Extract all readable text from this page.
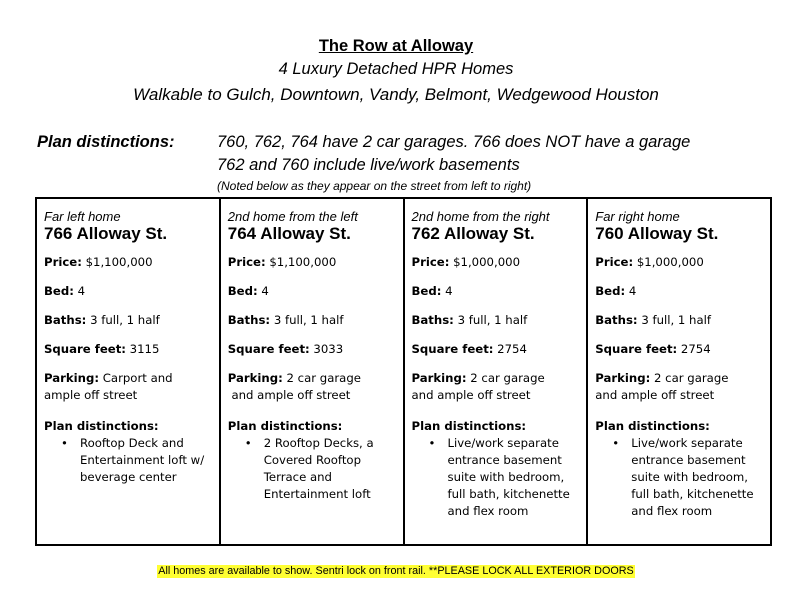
The Row at Alloway
4 Luxury Detached HPR Homes
Walkable to Gulch, Downtown, Vandy, Belmont, Wedgewood Houston
Plan distinctions:	760, 762, 764 have 2 car garages. 766 does NOT have a garage
762 and 760 include live/work basements
(Noted below as they appear on the street from left to right)
Far left home
766 Alloway St.
Price: $1,100,000
Bed: 4
Baths: 3 full, 1 half
Square feet: 3115
Parking: Carport and
ample off street
Plan distinctions:
• Rooftop Deck and Entertainment loft w/ beverage center
2nd home from the left
764 Alloway St.
Price: $1,100,000
Bed: 4
Baths: 3 full, 1 half
Square feet: 3033
Parking: 2 car garage
and ample off street
Plan distinctions:
• 2 Rooftop Decks, a Covered Rooftop Terrace and Entertainment loft
2nd home from the right
762 Alloway St.
Price: $1,000,000
Bed: 4
Baths: 3 full, 1 half
Square feet: 2754
Parking: 2 car garage
and ample off street
Plan distinctions:
• Live/work separate entrance basement suite with bedroom, full bath, kitchenette and flex room
Far right home
760 Alloway St.
Price: $1,000,000
Bed: 4
Baths: 3 full, 1 half
Square feet: 2754
Parking: 2 car garage
and ample off street
Plan distinctions:
• Live/work separate entrance basement suite with bedroom, full bath, kitchenette and flex room
All homes are available to show. Sentri lock on front rail. **PLEASE LOCK ALL EXTERIOR DOORS
